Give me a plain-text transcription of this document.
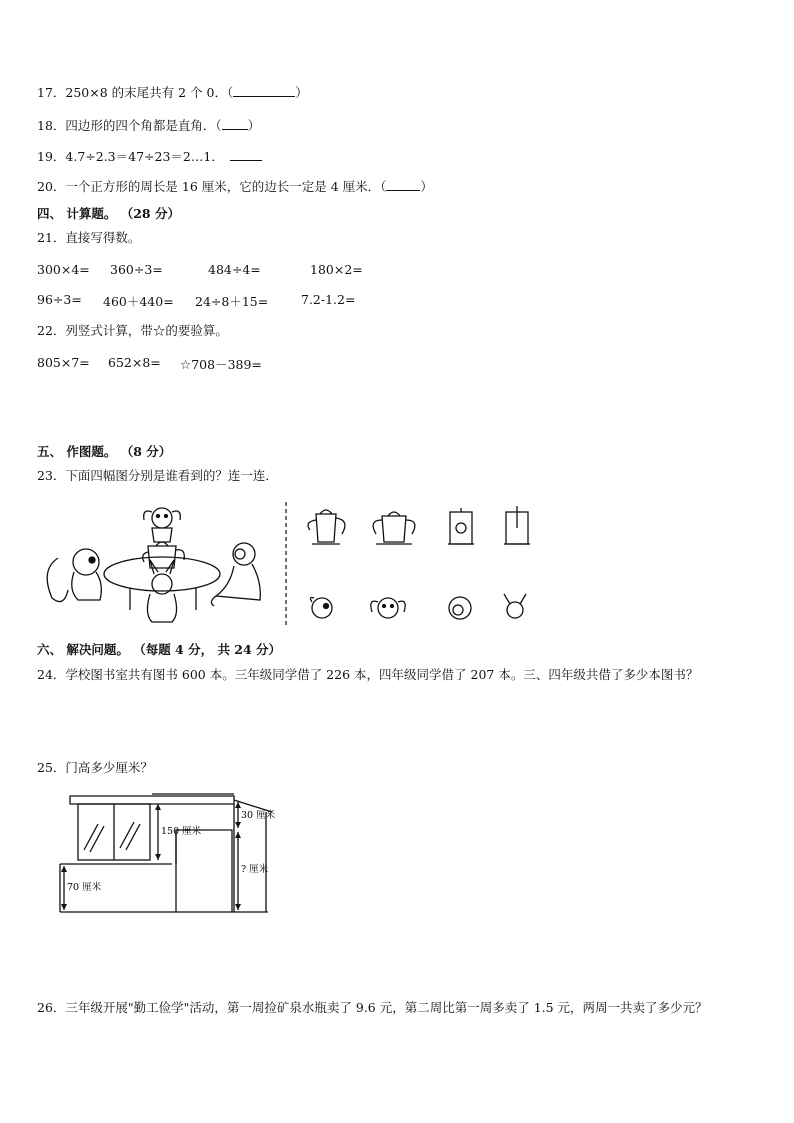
17．250×8 的末尾共有 2 个 0．（	）
18．四边形的四个角都是直角．（ ）
19．4.7÷2.3＝47÷23＝2…1．
20．一个正方形的周长是 16 厘米，它的边长一定是 4 厘米．（	）
四、 计算题。 （28 分）
21．直接写得数。
300×4= 360÷3=	484÷4=	180×2=
96÷3= 460＋440= 24÷8＋15=	7.2-1.2=
22．列竖式计算，带☆的要验算。
805×7= 652×8= ☆708－389=
五、 作图题。 （8 分）
23．下面四幅图分别是谁看到的？连一连．
六、 解决问题。 （每题 4 分， 共 24 分）
24．学校图书室共有图书 600 本。三年级同学借了 226 本，四年级同学借了 207 本。三、四年级共借了多少本图书？
25．门高多少厘米？
150 厘米
70 厘米
30 厘米
? 厘米
26．三年级开展"勤工俭学"活动，第一周捡矿泉水瓶卖了 9.6 元，第二周比第一周多卖了 1.5 元，两周一共卖了多少元？
